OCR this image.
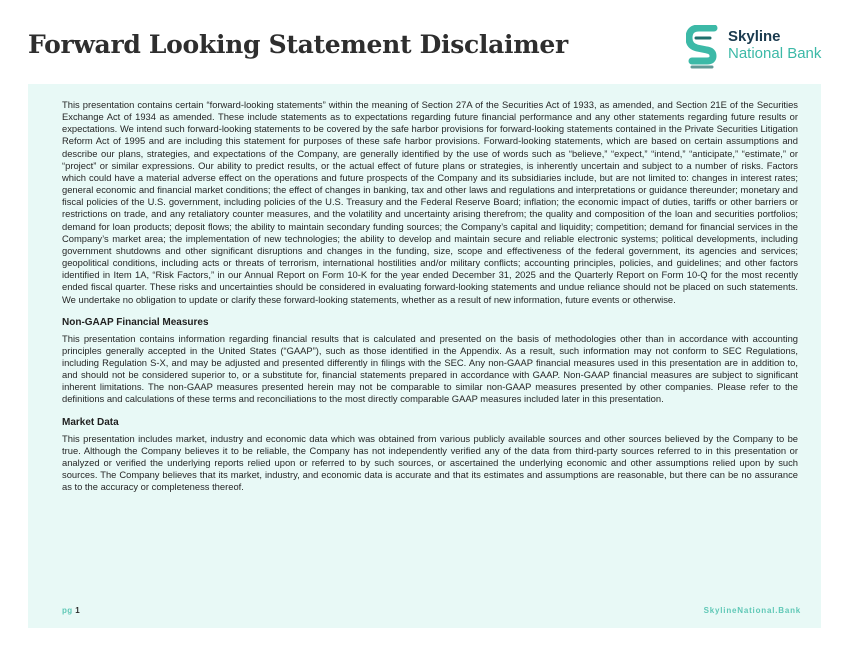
Forward Looking Statement Disclaimer	Skyline
National Bank

This presentation contains certain “forward-looking statements” within the meaning of Section 27A of the Securities Act of 1933, as amended, and Section 21E of the Securities Exchange Act of 1934 as amended. These include statements as to expectations regarding future financial performance and any other statements regarding future results or expectations. We intend such forward-looking statements to be covered by the safe harbor provisions for forward-looking statements contained in the Private Securities Litigation Reform Act of 1995 and are including this statement for purposes of these safe harbor provisions. Forward-looking statements, which are based on certain assumptions and describe our plans, strategies, and expectations of the Company, are generally identified by the use of words such as “believe,” “expect,” “intend,” “anticipate,” “estimate,” or “project” or similar expressions. Our ability to predict results, or the actual effect of future plans or strategies, is inherently uncertain and subject to a number of risks. Factors which could have a material adverse effect on the operations and future prospects of the Company and its subsidiaries include, but are not limited to: changes in interest rates; general economic and financial market conditions; the effect of changes in banking, tax and other laws and regulations and interpretations or guidance thereunder; monetary and fiscal policies of the U.S. government, including policies of the U.S. Treasury and the Federal Reserve Board; inflation; the economic impact of duties, tariffs or other barriers or restrictions on trade, and any retaliatory counter measures, and the volatility and uncertainty arising therefrom; the quality and composition of the loan and securities portfolios; demand for loan products; deposit flows; the ability to maintain secondary funding sources; the Company’s capital and liquidity; competition; demand for financial services in the Company’s market area; the implementation of new technologies; the ability to develop and maintain secure and reliable electronic systems; political developments, including government shutdowns and other significant disruptions and changes in the funding, size, scope and effectiveness of the federal government, its agencies and services; geopolitical conditions, including acts or threats of terrorism, international hostilities and/or military conflicts; accounting principles, policies, and guidelines; and other factors identified in Item 1A, “Risk Factors,” in our Annual Report on Form 10-K for the year ended December 31, 2025 and the Quarterly Report on Form 10-Q for the most recently ended fiscal quarter. These risks and uncertainties should be considered in evaluating forward-looking statements and undue reliance should not be placed on such statements. We undertake no obligation to update or clarify these forward-looking statements, whether as a result of new information, future events or otherwise.

Non-GAAP Financial Measures

This presentation contains information regarding financial results that is calculated and presented on the basis of methodologies other than in accordance with accounting principles generally accepted in the United States (“GAAP”), such as those identified in the Appendix. As a result, such information may not conform to SEC Regulations, including Regulation S-X, and may be adjusted and presented differently in filings with the SEC. Any non-GAAP financial measures used in this presentation are in addition to, and should not be considered superior to, or a substitute for, financial statements prepared in accordance with GAAP. Non-GAAP financial measures are subject to significant inherent limitations. The non-GAAP measures presented herein may not be comparable to similar non-GAAP measures presented by other companies. Please refer to the definitions and calculations of these terms and reconciliations to the most directly comparable GAAP measures included later in this presentation.

Market Data

This presentation includes market, industry and economic data which was obtained from various publicly available sources and other sources believed by the Company to be true. Although the Company believes it to be reliable, the Company has not independently verified any of the data from third-party sources referred to in this presentation or analyzed or verified the underlying reports relied upon or referred to by such sources, or ascertained the underlying economic and other assumptions relied upon by such sources. The Company believes that its market, industry, and economic data is accurate and that its estimates and assumptions are reasonable, but there can be no assurance as to the accuracy or completeness thereof.

pg 1	SkylineNational.Bank
